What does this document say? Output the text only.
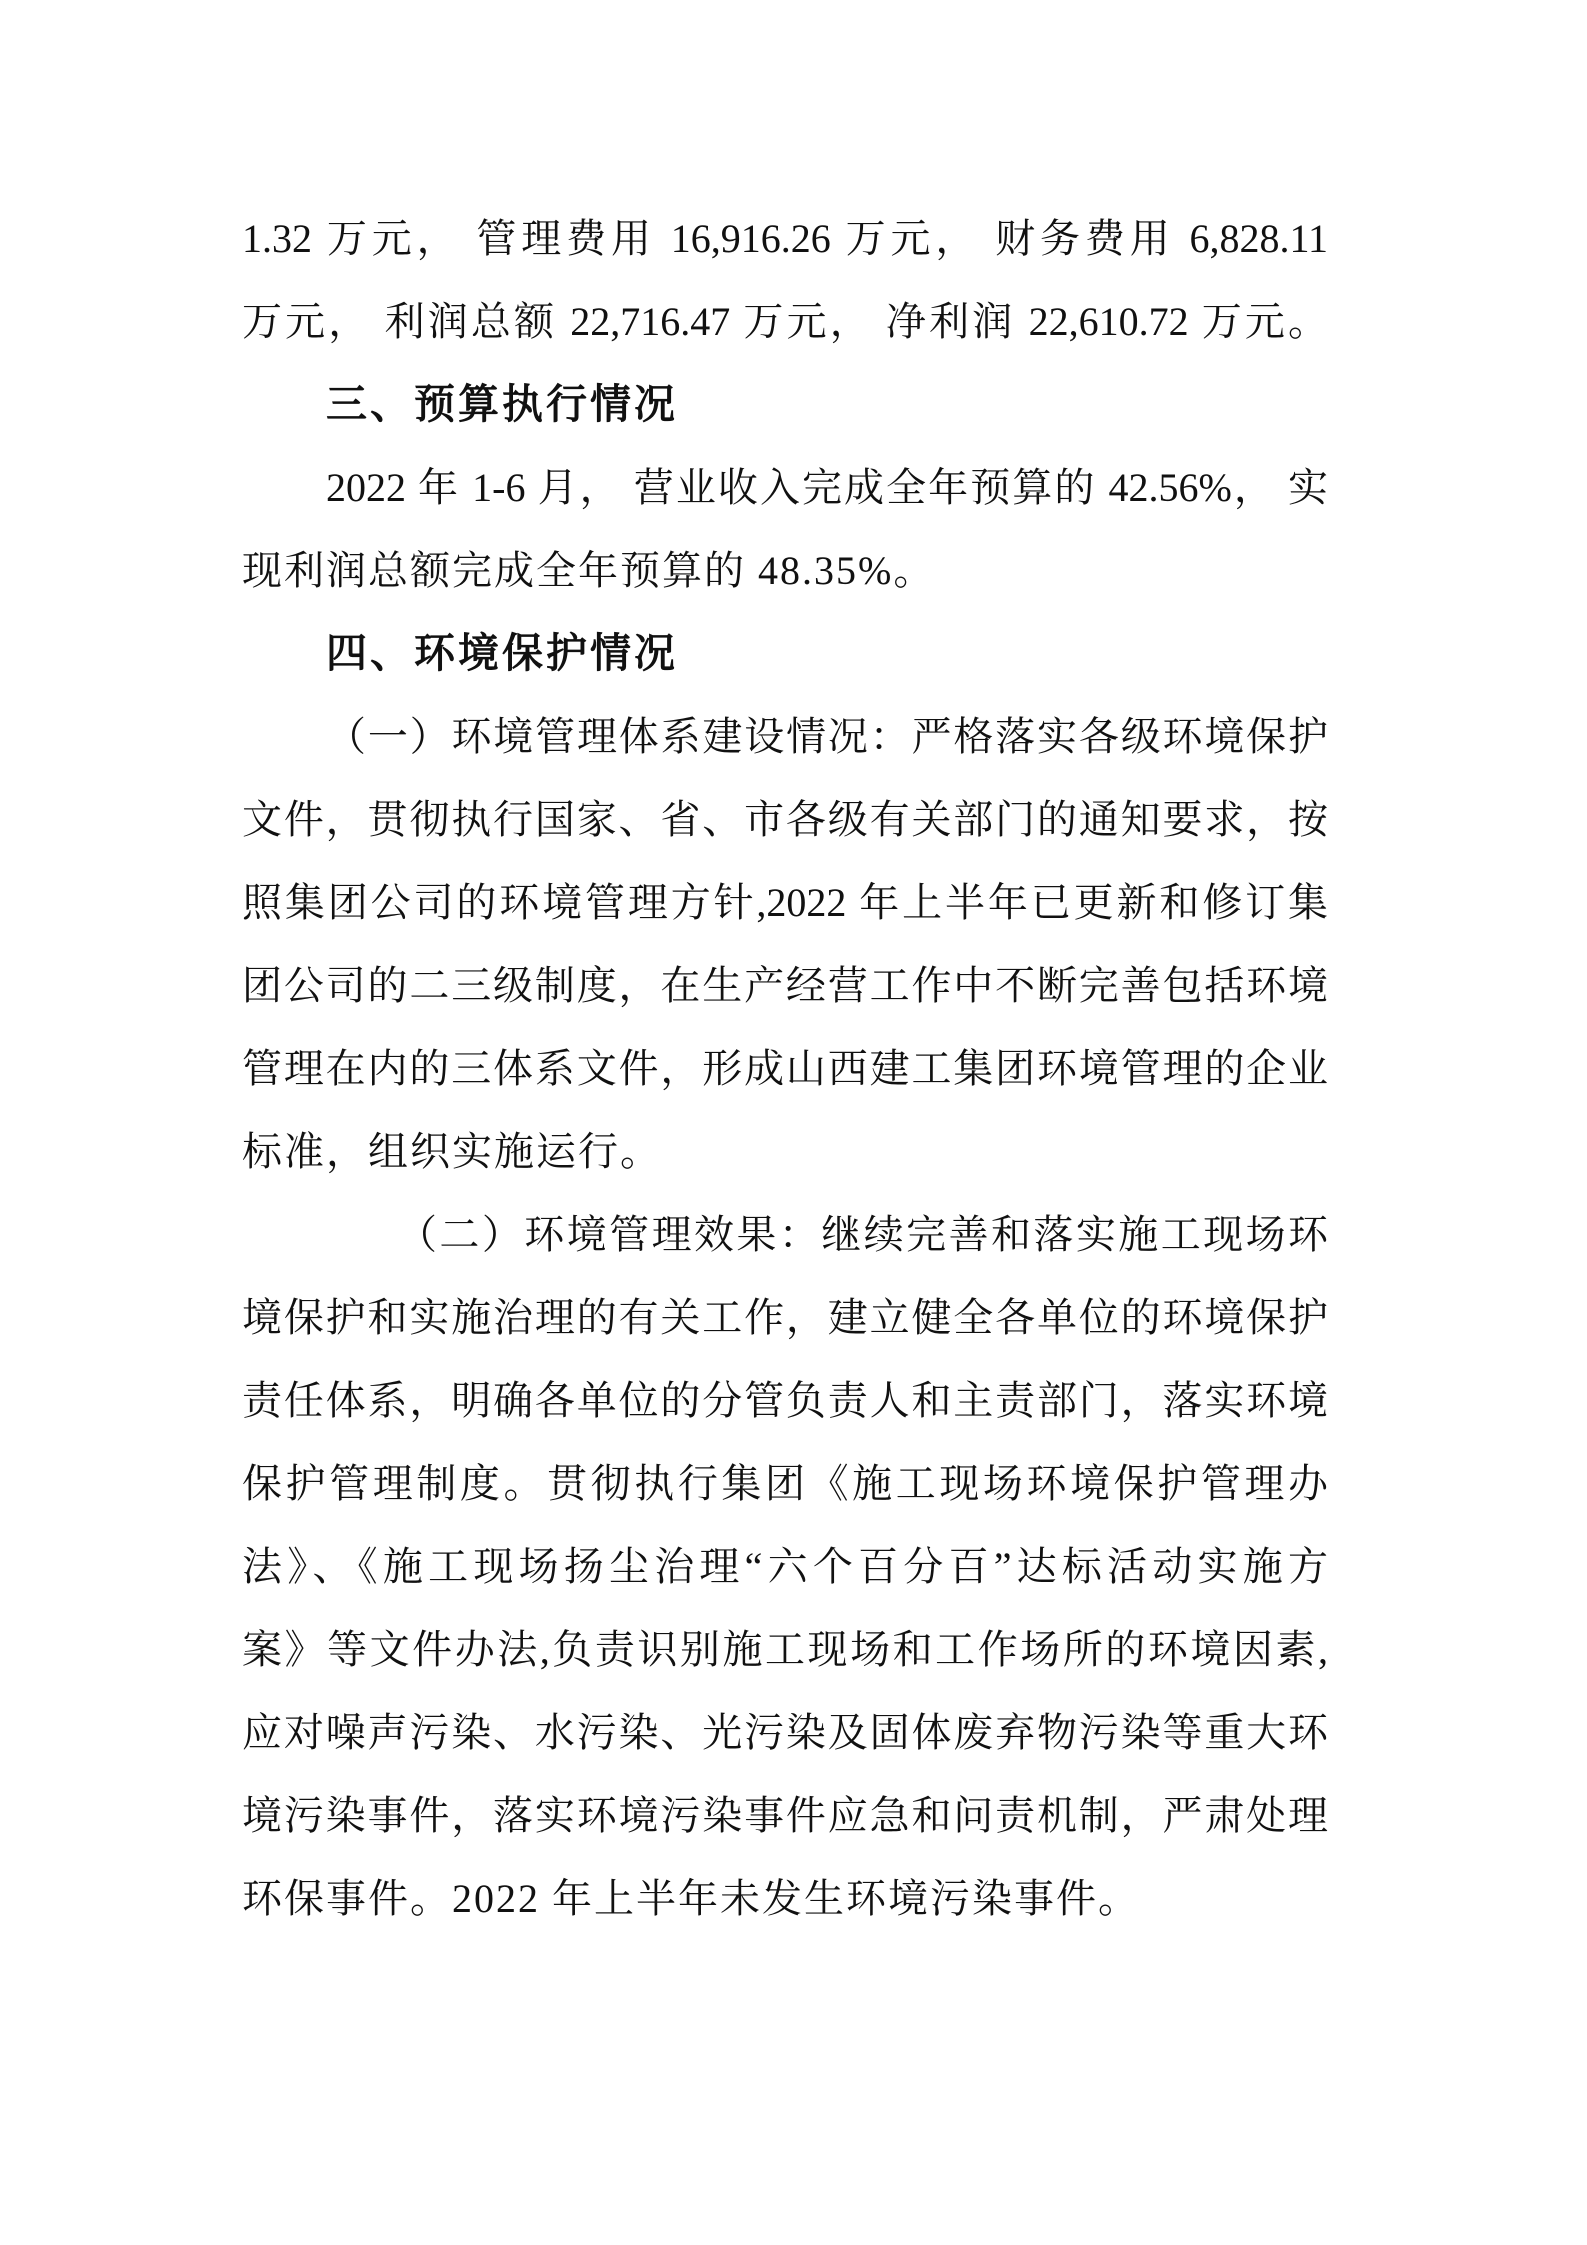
1.32 万元， 管理费用 16,916.26 万元， 财务费用 6,828.11
万元， 利润总额 22,716.47 万元， 净利润 22,610.72 万元。
三、预算执行情况
2022 年 1-6 月， 营业收入完成全年预算的 42.56%， 实
现利润总额完成全年预算的 48.35%。
四、环境保护情况
（一）环境管理体系建设情况：严格落实各级环境保护
文件，贯彻执行国家、省、市各级有关部门的通知要求，按
照集团公司的环境管理方针,2022 年上半年已更新和修订集
团公司的二三级制度，在生产经营工作中不断完善包括环境
管理在内的三体系文件，形成山西建工集团环境管理的企业
标准，组织实施运行。
（二）环境管理效果：继续完善和落实施工现场环
境保护和实施治理的有关工作，建立健全各单位的环境保护
责任体系，明确各单位的分管负责人和主责部门，落实环境
保护管理制度。贯彻执行集团《施工现场环境保护管理办
法》、《施工现场扬尘治理“六个百分百”达标活动实施方
案》等文件办法,负责识别施工现场和工作场所的环境因素,
应对噪声污染、水污染、光污染及固体废弃物污染等重大环
境污染事件，落实环境污染事件应急和问责机制，严肃处理
环保事件。2022 年上半年未发生环境污染事件。
